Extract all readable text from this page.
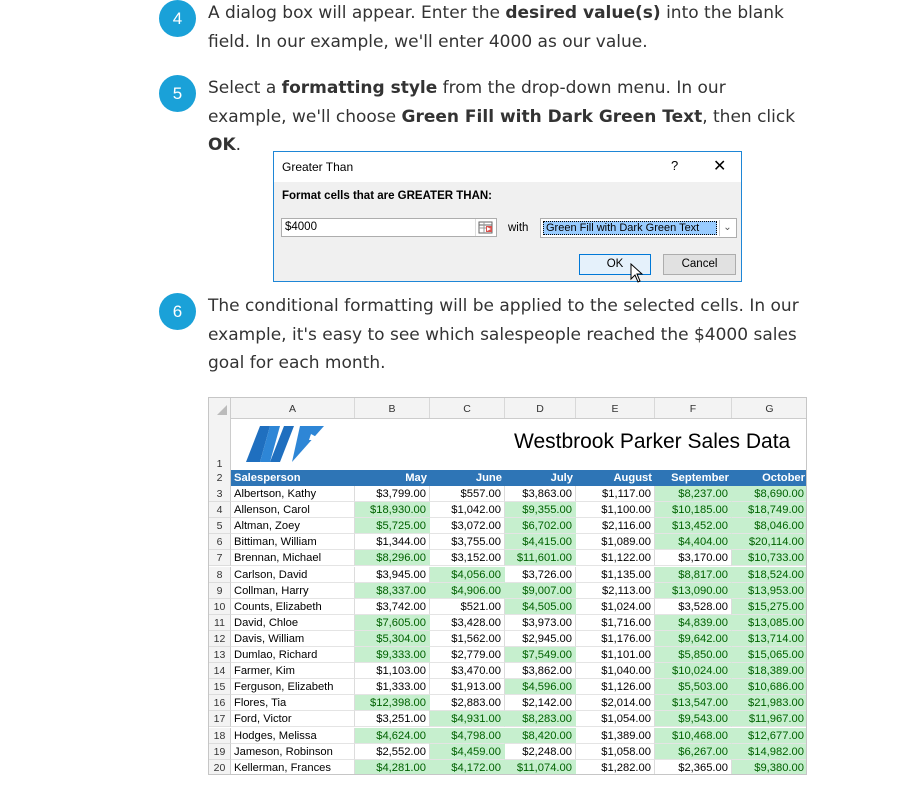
4	A dialog box will appear. Enter the desired value(s) into the blank field. In our example, we'll enter 4000 as our value.
5	Select a formatting style from the drop-down menu. In our example, we'll choose Green Fill with Dark Green Text, then click OK.
Greater Than	? ✕
Format cells that are GREATER THAN:
$4000	with Green Fill with Dark Green Text	⌄
OK	Cancel
6	The conditional formatting will be applied to the selected cells. In our example, it's easy to see which salespeople reached the $4000 sales goal for each month.
Westbrook Parker Sales Data
A	B	C	D	E	F	G
1
2	Salesperson	May	June	July	August	September	October
3	Albertson, Kathy	$3,799.00	$557.00	$3,863.00	$1,117.00	$8,237.00	$8,690.00
4	Allenson, Carol	$18,930.00	$1,042.00	$9,355.00	$1,100.00	$10,185.00	$18,749.00
5	Altman, Zoey	$5,725.00	$3,072.00	$6,702.00	$2,116.00	$13,452.00	$8,046.00
6	Bittiman, William	$1,344.00	$3,755.00	$4,415.00	$1,089.00	$4,404.00	$20,114.00
7	Brennan, Michael	$8,296.00	$3,152.00	$11,601.00	$1,122.00	$3,170.00	$10,733.00
8	Carlson, David	$3,945.00	$4,056.00	$3,726.00	$1,135.00	$8,817.00	$18,524.00
9	Collman, Harry	$8,337.00	$4,906.00	$9,007.00	$2,113.00	$13,090.00	$13,953.00
10 Counts, Elizabeth	$3,742.00	$521.00	$4,505.00	$1,024.00	$3,528.00	$15,275.00
11 David, Chloe	$7,605.00	$3,428.00	$3,973.00	$1,716.00	$4,839.00	$13,085.00
12 Davis, William	$5,304.00	$1,562.00	$2,945.00	$1,176.00	$9,642.00	$13,714.00
13 Dumlao, Richard	$9,333.00	$2,779.00	$7,549.00	$1,101.00	$5,850.00	$15,065.00
14 Farmer, Kim	$1,103.00	$3,470.00	$3,862.00	$1,040.00	$10,024.00	$18,389.00
15 Ferguson, Elizabeth	$1,333.00	$1,913.00	$4,596.00	$1,126.00	$5,503.00	$10,686.00
16 Flores, Tia	$12,398.00	$2,883.00	$2,142.00	$2,014.00	$13,547.00	$21,983.00
17 Ford, Victor	$3,251.00	$4,931.00	$8,283.00	$1,054.00	$9,543.00	$11,967.00
18 Hodges, Melissa	$4,624.00	$4,798.00	$8,420.00	$1,389.00	$10,468.00	$12,677.00
19 Jameson, Robinson	$2,552.00	$4,459.00	$2,248.00	$1,058.00	$6,267.00	$14,982.00
20 Kellerman, Frances	$4,281.00	$4,172.00	$11,074.00	$1,282.00	$2,365.00	$9,380.00
